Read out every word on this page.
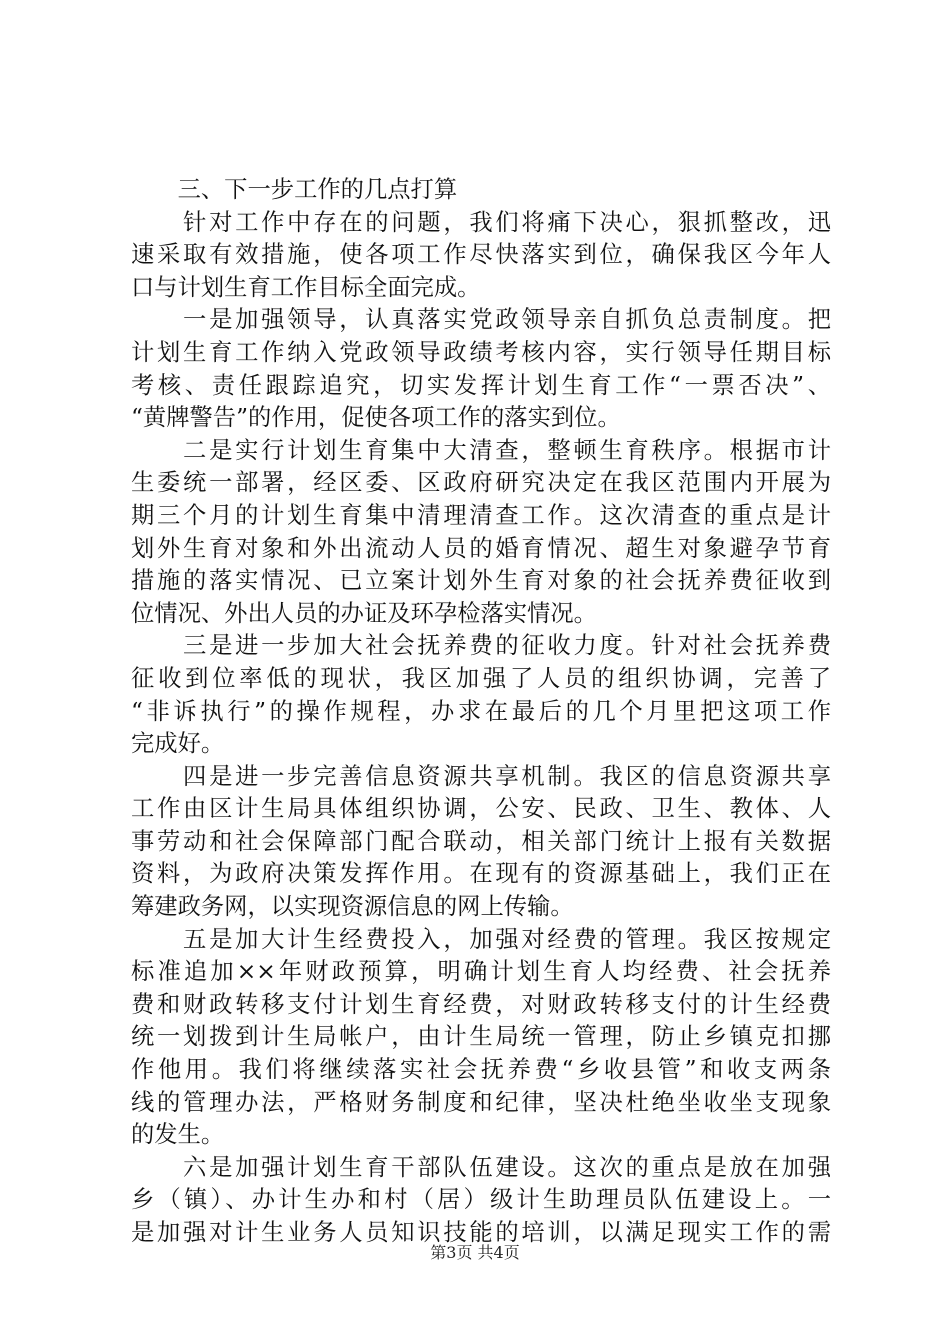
　　三、下一步工作的几点打算
　　针对工作中存在的问题，我们将痛下决心，狠抓整改，迅
速采取有效措施，使各项工作尽快落实到位，确保我区今年人
口与计划生育工作目标全面完成。
　　一是加强领导，认真落实党政领导亲自抓负总责制度。把
计划生育工作纳入党政领导政绩考核内容，实行领导任期目标
考核、责任跟踪追究，切实发挥计划生育工作“一票否决”、
“黄牌警告”的作用，促使各项工作的落实到位。
　　二是实行计划生育集中大清查，整顿生育秩序。根据市计
生委统一部署，经区委、区政府研究决定在我区范围内开展为
期三个月的计划生育集中清理清查工作。这次清查的重点是计
划外生育对象和外出流动人员的婚育情况、超生对象避孕节育
措施的落实情况、已立案计划外生育对象的社会抚养费征收到
位情况、外出人员的办证及环孕检落实情况。
　　三是进一步加大社会抚养费的征收力度。针对社会抚养费
征收到位率低的现状，我区加强了人员的组织协调，完善了
“非诉执行”的操作规程，办求在最后的几个月里把这项工作
完成好。
　　四是进一步完善信息资源共享机制。我区的信息资源共享
工作由区计生局具体组织协调，公安、民政、卫生、教体、人
事劳动和社会保障部门配合联动，相关部门统计上报有关数据
资料，为政府决策发挥作用。在现有的资源基础上，我们正在
筹建政务网，以实现资源信息的网上传输。
　　五是加大计生经费投入，加强对经费的管理。我区按规定
标准追加××年财政预算，明确计划生育人均经费、社会抚养
费和财政转移支付计划生育经费，对财政转移支付的计生经费
统一划拨到计生局帐户，由计生局统一管理，防止乡镇克扣挪
作他用。我们将继续落实社会抚养费“乡收县管”和收支两条
线的管理办法，严格财务制度和纪律，坚决杜绝坐收坐支现象
的发生。
　　六是加强计划生育干部队伍建设。这次的重点是放在加强
乡（镇）、办计生办和村（居）级计生助理员队伍建设上。一
是加强对计生业务人员知识技能的培训，以满足现实工作的需
第3页 共4页
